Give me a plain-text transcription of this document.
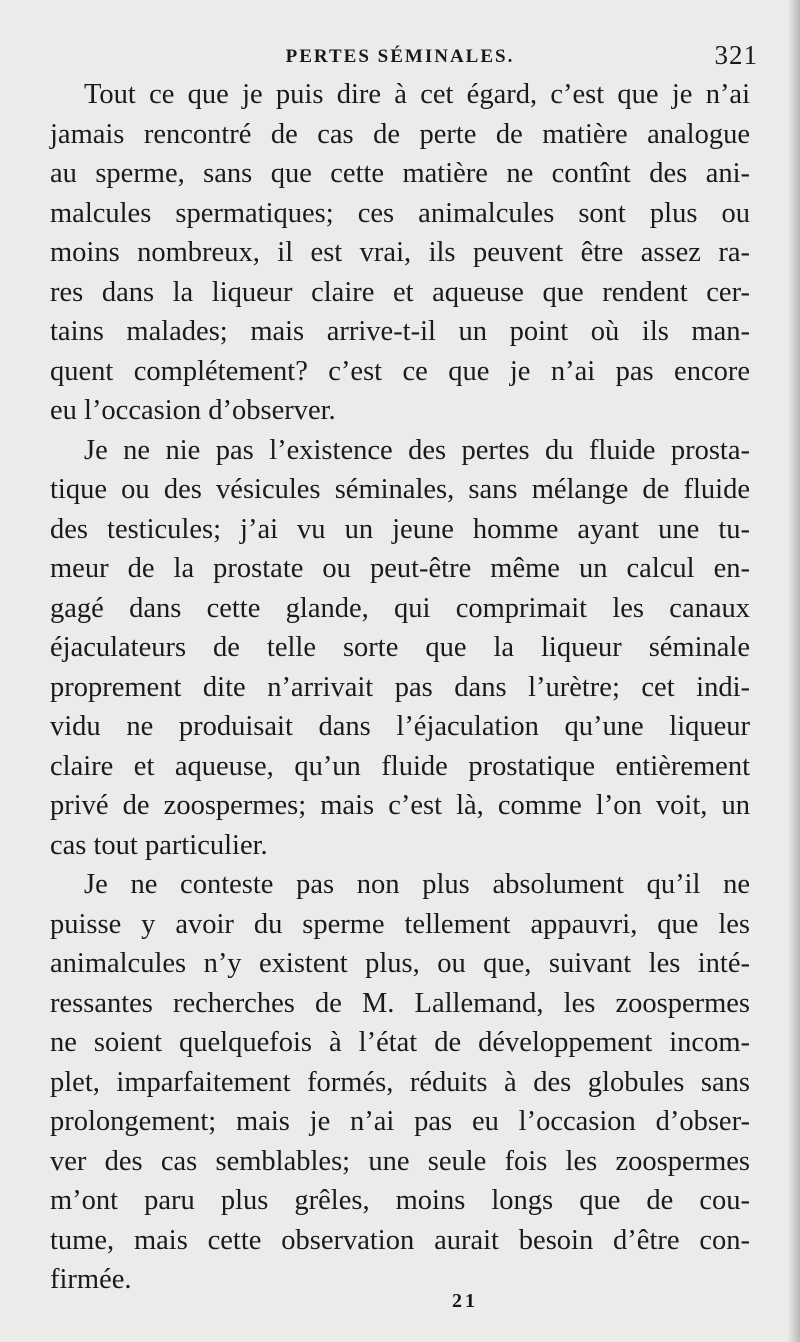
PERTES SÉMINALES.	321
Tout ce que je puis dire à cet égard, c’est que je n’ai
jamais rencontré de cas de perte de matière analogue
au sperme, sans que cette matière ne contînt des ani-
malcules spermatiques; ces animalcules sont plus ou
moins nombreux, il est vrai, ils peuvent être assez ra-
res dans la liqueur claire et aqueuse que rendent cer-
tains malades; mais arrive-t-il un point où ils man-
quent complétement? c’est ce que je n’ai pas encore
eu l’occasion d’observer.
Je ne nie pas l’existence des pertes du fluide prosta-
tique ou des vésicules séminales, sans mélange de fluide
des testicules; j’ai vu un jeune homme ayant une tu-
meur de la prostate ou peut-être même un calcul en-
gagé dans cette glande, qui comprimait les canaux
éjaculateurs de telle sorte que la liqueur séminale
proprement dite n’arrivait pas dans l’urètre; cet indi-
vidu ne produisait dans l’éjaculation qu’une liqueur
claire et aqueuse, qu’un fluide prostatique entièrement
privé de zoospermes; mais c’est là, comme l’on voit, un
cas tout particulier.
Je ne conteste pas non plus absolument qu’il ne
puisse y avoir du sperme tellement appauvri, que les
animalcules n’y existent plus, ou que, suivant les inté-
ressantes recherches de M. Lallemand, les zoospermes
ne soient quelquefois à l’état de développement incom-
plet, imparfaitement formés, réduits à des globules sans
prolongement; mais je n’ai pas eu l’occasion d’obser-
ver des cas semblables; une seule fois les zoospermes
m’ont paru plus grêles, moins longs que de cou-
tume, mais cette observation aurait besoin d’être con-
firmée.
21
